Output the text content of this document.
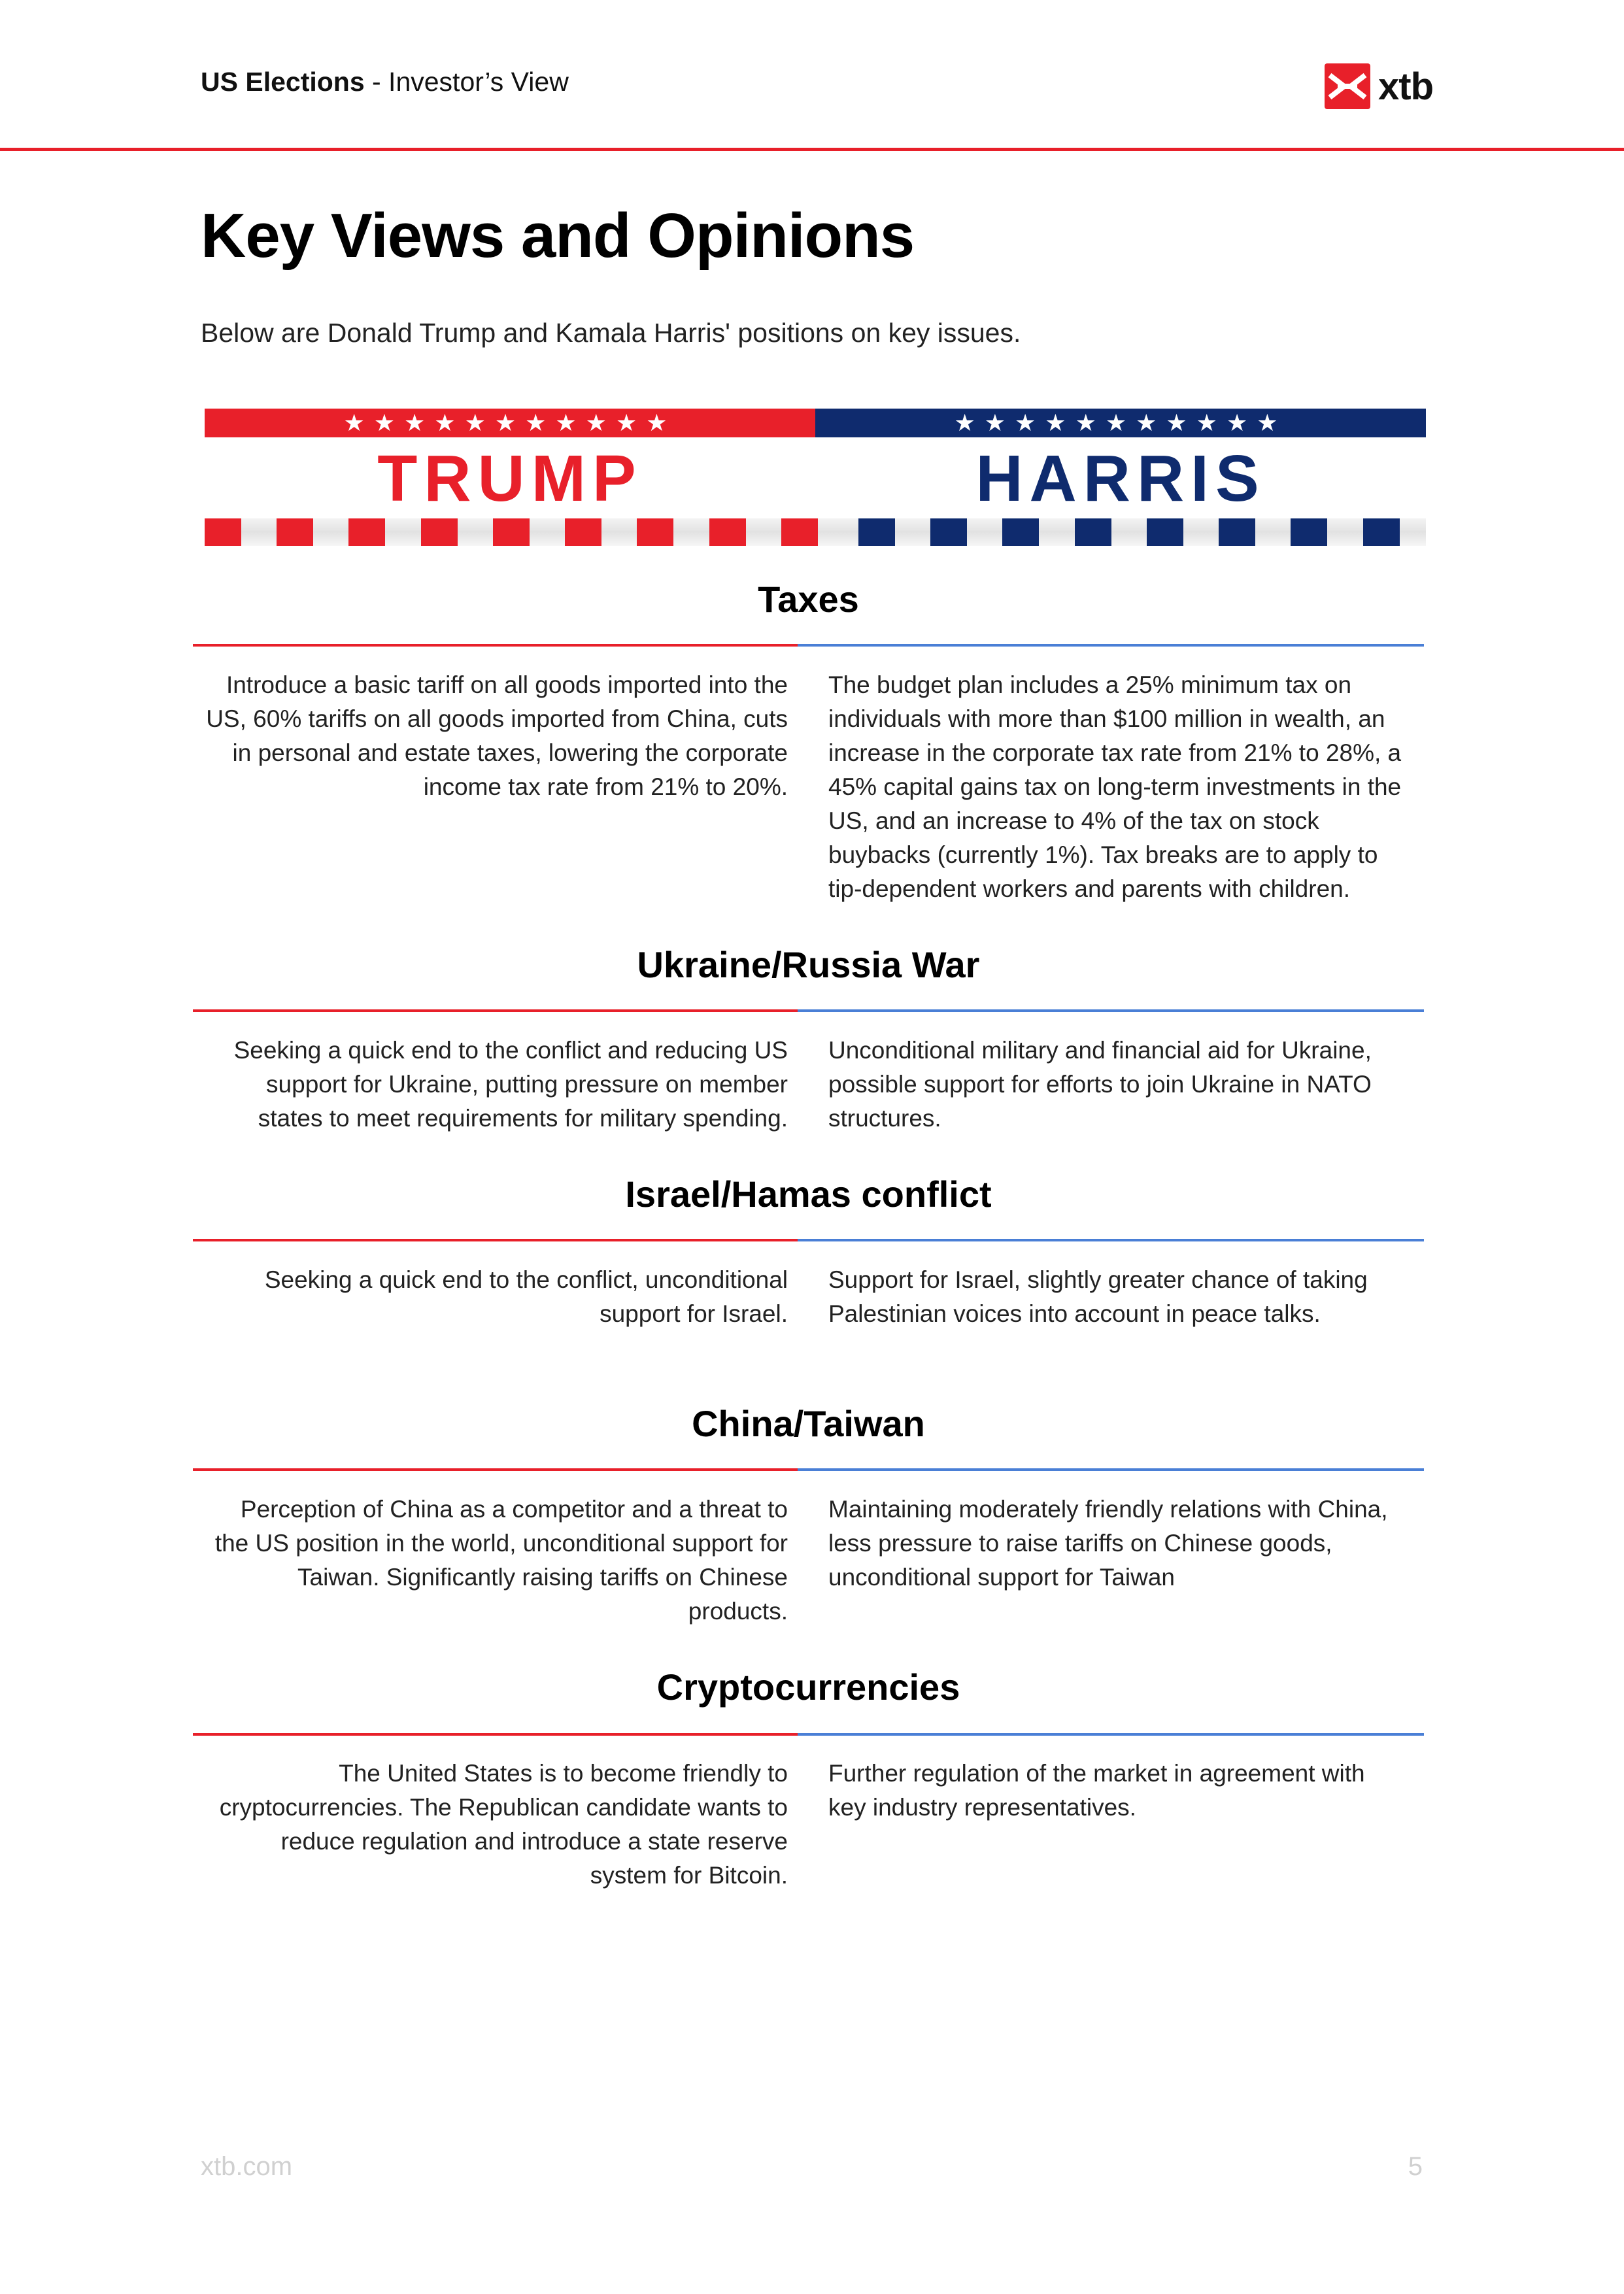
US Elections - Investor’s View	xtb
Key Views and Opinions
Below are Donald Trump and Kamala Harris' positions on key issues.
★★★★★★★★★★★	★★★★★★★★★★★
TRUMP	HARRIS
Taxes
Introduce a basic tariff on all goods imported into the US, 60% tariffs on all goods imported from China, cuts in personal and estate taxes, lowering the corporate income tax rate from 21% to 20%.
The budget plan includes a 25% minimum tax on individuals with more than $100 million in wealth, an increase in the corporate tax rate from 21% to 28%, a 45% capital gains tax on long-term investments in the US, and an increase to 4% of the tax on stock buybacks (currently 1%). Tax breaks are to apply to tip-dependent workers and parents with children.
Ukraine/Russia War
Seeking a quick end to the conflict and reducing US support for Ukraine, putting pressure on member states to meet requirements for military spending.
Unconditional military and financial aid for Ukraine, possible support for efforts to join Ukraine in NATO structures.
Israel/Hamas conflict
Seeking a quick end to the conflict, unconditional support for Israel.
Support for Israel, slightly greater chance of taking Palestinian voices into account in peace talks.
China/Taiwan
Perception of China as a competitor and a threat to the US position in the world, unconditional support for Taiwan. Significantly raising tariffs on Chinese products.
Maintaining moderately friendly relations with China, less pressure to raise tariffs on Chinese goods, unconditional support for Taiwan
Cryptocurrencies
The United States is to become friendly to cryptocurrencies. The Republican candidate wants to reduce regulation and introduce a state reserve system for Bitcoin.
Further regulation of the market in agreement with key industry representatives.
xtb.com	5
